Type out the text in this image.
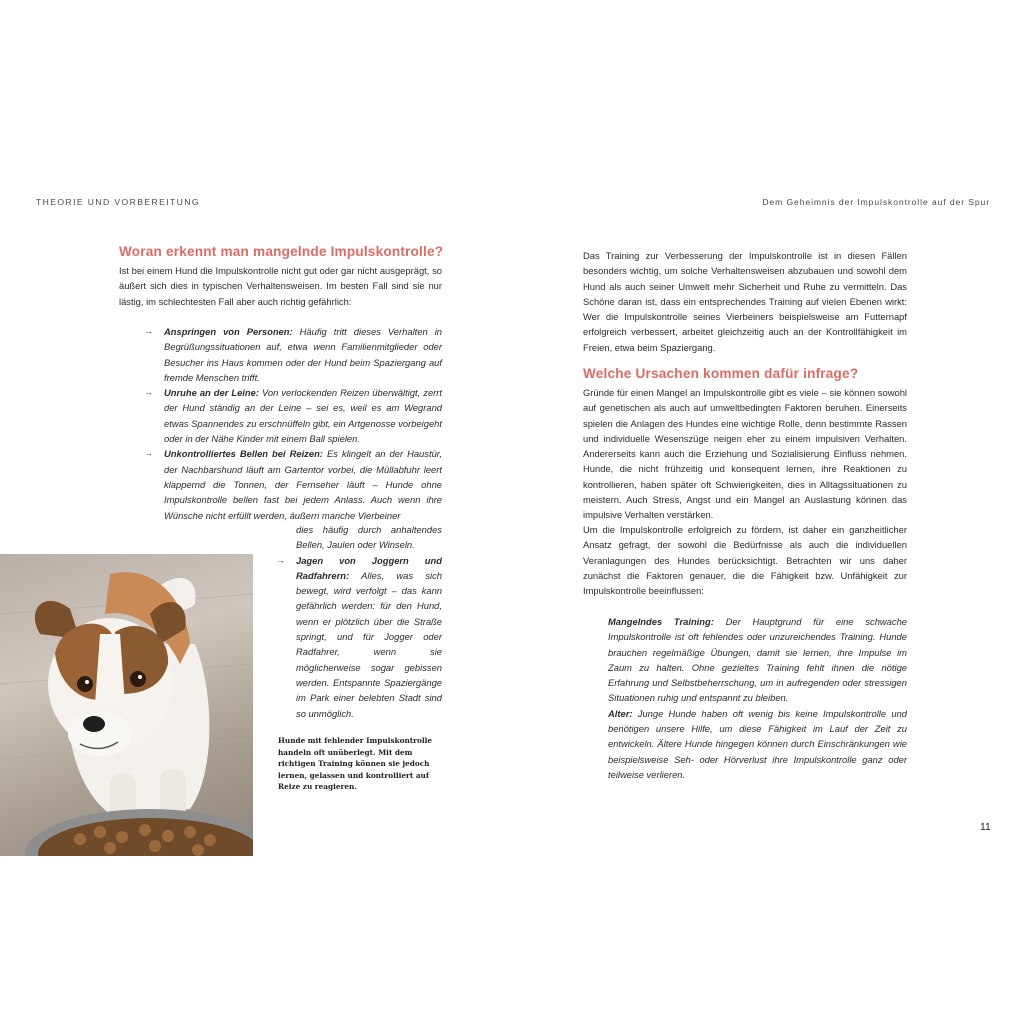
THEORIE UND VORBEREITUNG	Dem Geheimnis der Impulskontrolle auf der Spur
Woran erkennt man mangelnde Impulskontrolle?

Ist bei einem Hund die Impulskontrolle nicht gut oder gar nicht ausgeprägt, so äußert sich dies in typischen Verhaltensweisen. Im besten Fall sind sie nur lästig, im schlechtesten Fall aber auch richtig gefährlich:

→ Anspringen von Personen: Häufig tritt dieses Verhalten in Begrüßungssituationen auf, etwa wenn Familienmitglieder oder Besucher ins Haus kommen oder der Hund beim Spaziergang auf fremde Menschen trifft.
→ Unruhe an der Leine: Von verlockenden Reizen überwältigt, zerrt der Hund ständig an der Leine – sei es, weil es am Wegrand etwas Spannendes zu erschnüffeln gibt, ein Artgenosse vorbeigeht oder in der Nähe Kinder mit einem Ball spielen.
→ Unkontrolliertes Bellen bei Reizen: Es klingelt an der Haustür, der Nachbarshund läuft am Gartentor vorbei, die Müllabfuhr leert klappernd die Tonnen, der Fernseher läuft – Hunde ohne Impulskontrolle bellen fast bei jedem Anlass. Auch wenn ihre Wünsche nicht erfüllt werden, äußern manche Vierbeiner
dies häufig durch anhaltendes Bellen, Jaulen oder Winseln.
→ Jagen von Joggern und Radfahrern: Alles, was sich bewegt, wird verfolgt – das kann gefährlich werden: für den Hund, wenn er plötzlich über die Straße springt, und für Jogger oder Radfahrer, wenn sie möglicherweise sogar gebissen werden. Entspannte Spaziergänge im Park einer belebten Stadt sind so unmöglich.

Hunde mit fehlender Impulskontrolle handeln oft unüberlegt. Mit dem richtigen Training können sie jedoch lernen, gelassen und kontrolliert auf Reize zu reagieren.

Das Training zur Verbesserung der Impulskontrolle ist in diesen Fällen besonders wichtig, um solche Verhaltensweisen abzubauen und sowohl dem Hund als auch seiner Umwelt mehr Sicherheit und Ruhe zu vermitteln. Das Schöne daran ist, dass ein entsprechendes Training auf vielen Ebenen wirkt: Wer die Impulskontrolle seines Vierbeiners beispielsweise am Futternapf erfolgreich verbessert, arbeitet gleichzeitig auch an der Kontrollfähigkeit im Freien, etwa beim Spaziergang.

Welche Ursachen kommen dafür infrage?

Gründe für einen Mangel an Impulskontrolle gibt es viele – sie können sowohl auf genetischen als auch auf umweltbedingten Faktoren beruhen. Einerseits spielen die Anlagen des Hundes eine wichtige Rolle, denn bestimmte Rassen und individuelle Wesenszüge neigen eher zu einem impulsiven Verhalten. Andererseits kann auch die Erziehung und Sozialisierung Einfluss nehmen. Hunde, die nicht frühzeitig und konsequent lernen, ihre Reaktionen zu kontrollieren, haben später oft Schwierigkeiten, dies in Alltagssituationen zu meistern. Auch Stress, Angst und ein Mangel an Auslastung können das impulsive Verhalten verstärken.

Um die Impulskontrolle erfolgreich zu fördern, ist daher ein ganzheitlicher Ansatz gefragt, der sowohl die Bedürfnisse als auch die individuellen Veranlagungen des Hundes berücksichtigt. Betrachten wir uns daher zunächst die Faktoren genauer, die die Fähigkeit bzw. Unfähigkeit zur Impulskontrolle beeinflussen:

Mangelndes Training: Der Hauptgrund für eine schwache Impulskontrolle ist oft fehlendes oder unzureichendes Training. Hunde brauchen regelmäßige Übungen, damit sie lernen, ihre Impulse im Zaum zu halten. Ohne gezieltes Training fehlt ihnen die nötige Erfahrung und Selbstbeherrschung, um in aufregenden oder stressigen Situationen ruhig und entspannt zu bleiben.
Alter: Junge Hunde haben oft wenig bis keine Impulskontrolle und benötigen unsere Hilfe, um diese Fähigkeit im Lauf der Zeit zu entwickeln. Ältere Hunde hingegen können durch Einschränkungen wie beispielsweise Seh- oder Hörverlust ihre Impulskontrolle ganz oder teilweise verlieren.
11
